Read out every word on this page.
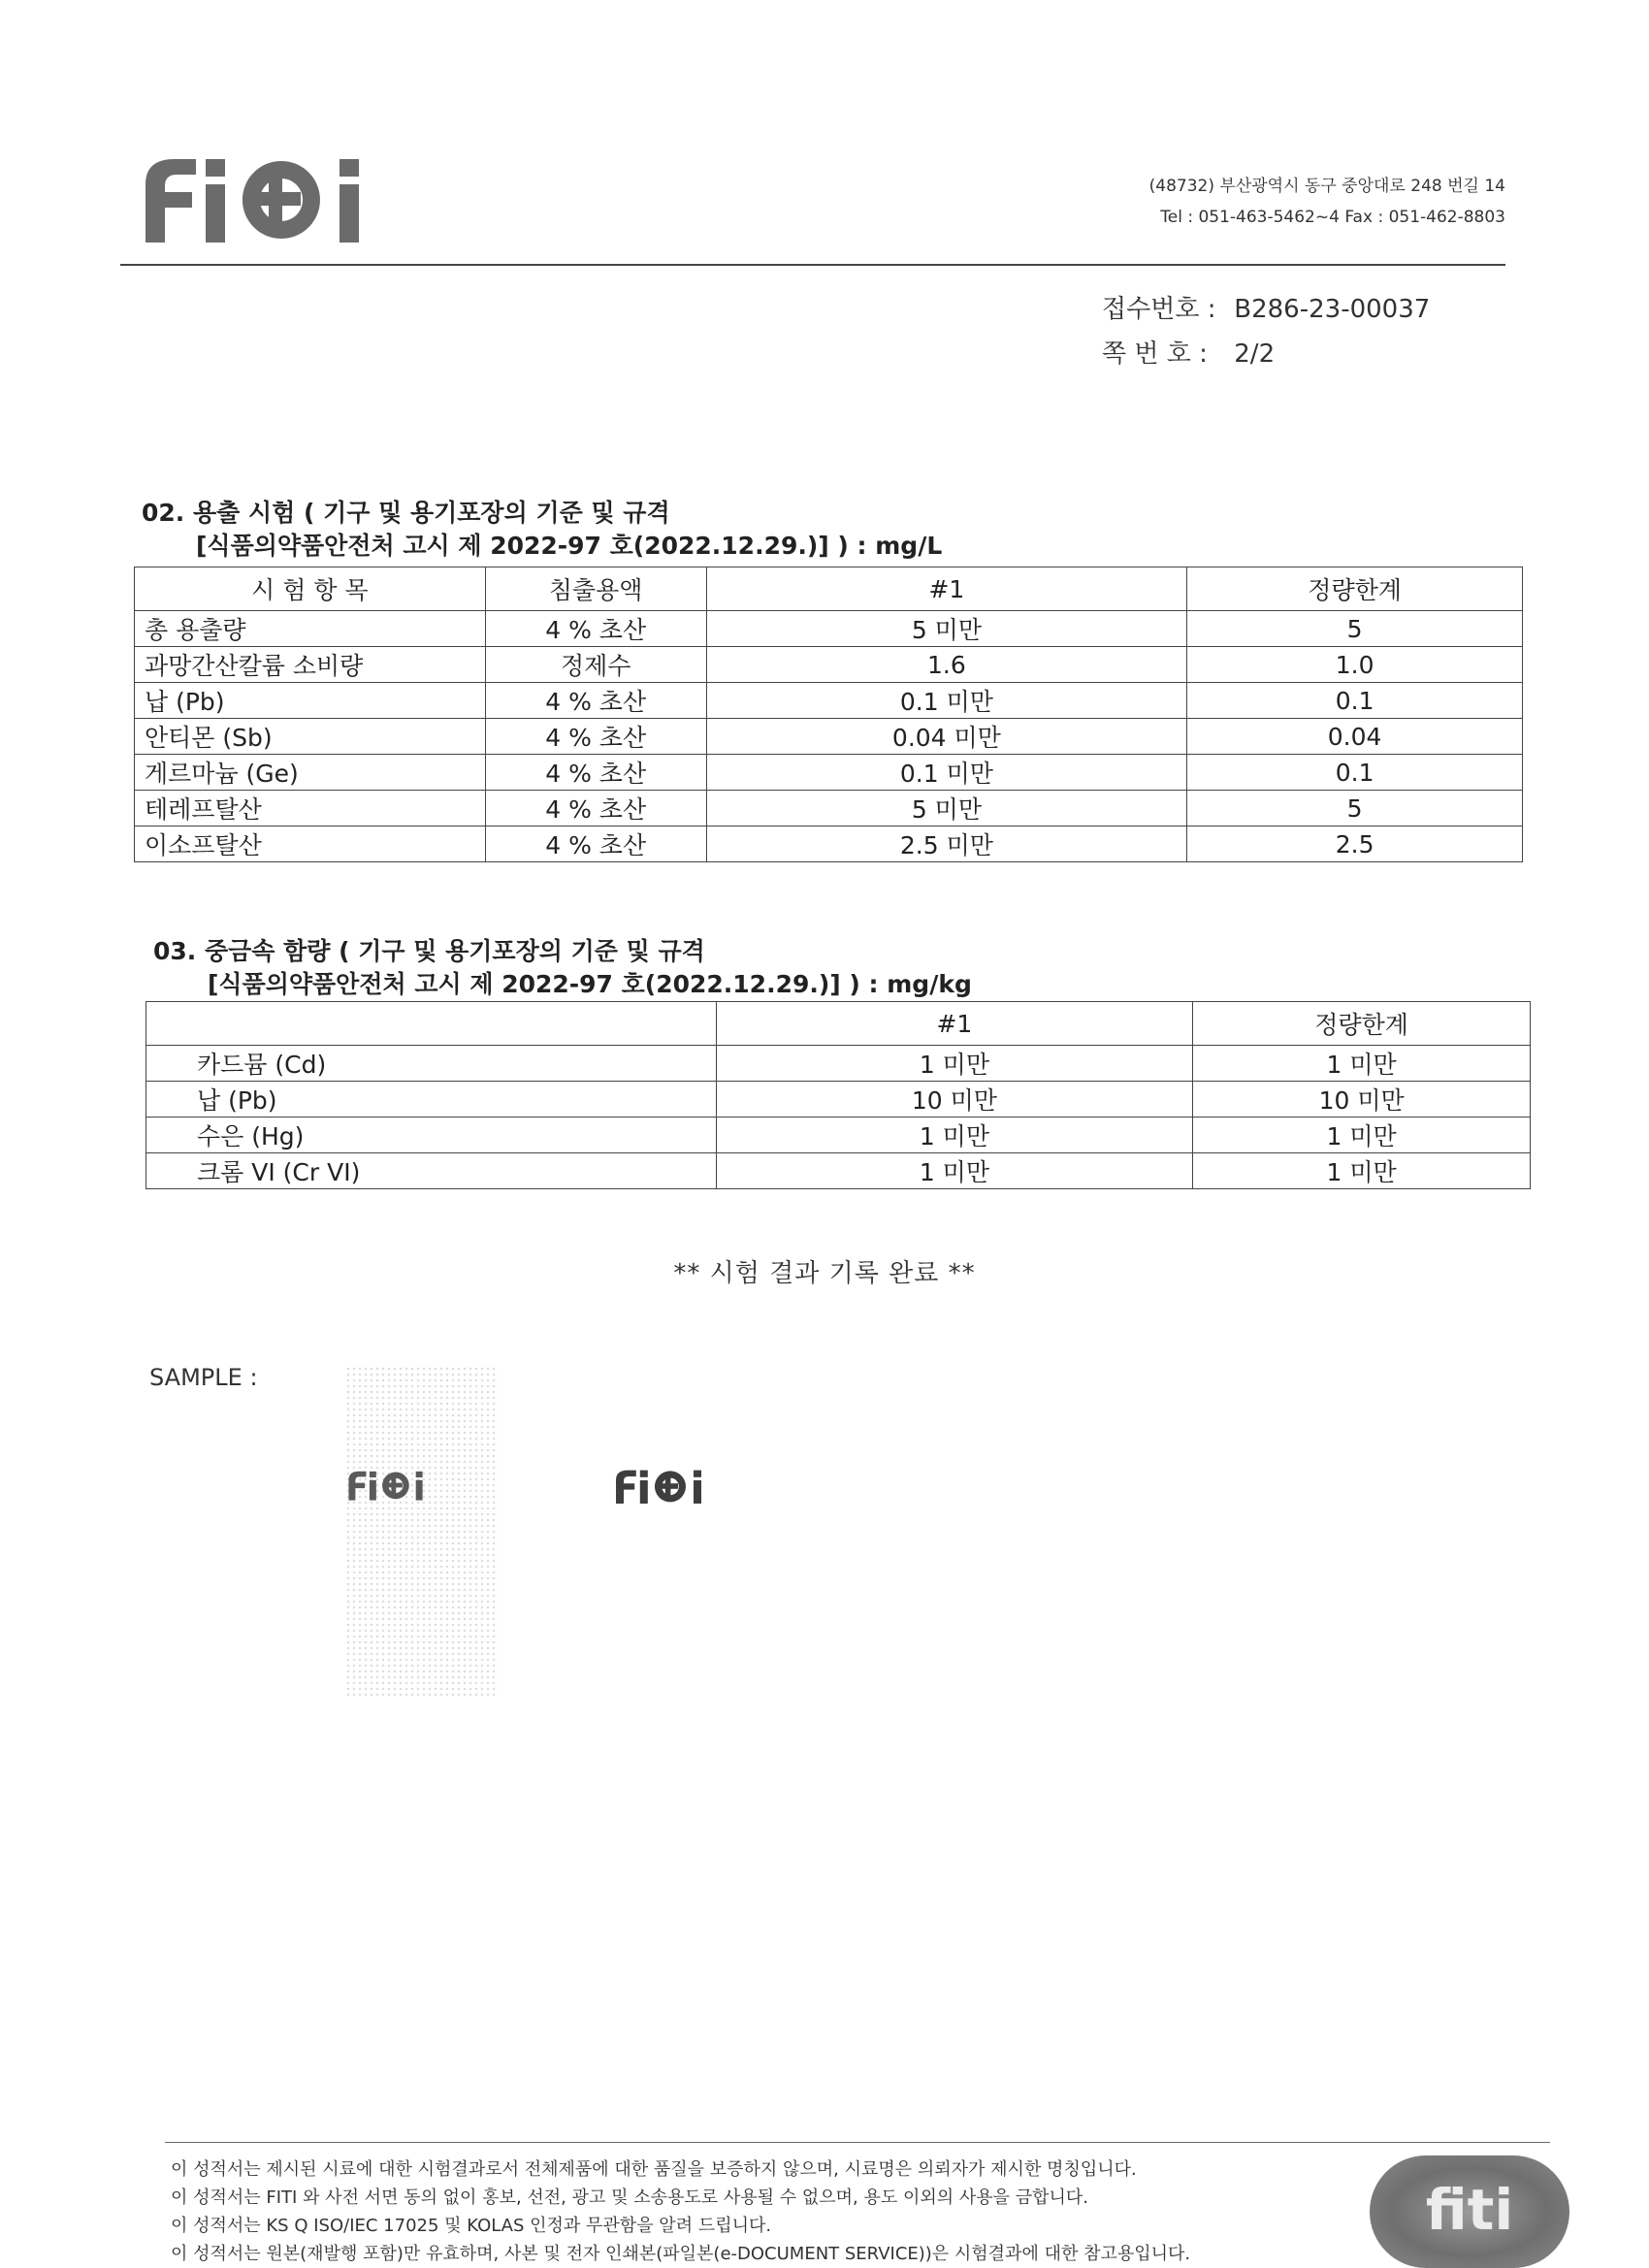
(48732) 부산광역시 동구 중앙대로 248 번길 14
Tel : 051-463-5462~4 Fax : 051-462-8803
접수번호 : B286-23-00037
쪽 번 호 : 2/2
02. 용출 시험 ( 기구 및 용기포장의 기준 및 규격
[식품의약품안전처 고시 제 2022-97 호(2022.12.29.)] ) : mg/L
시 험 항 목	침출용액	#1	정량한계
총 용출량	4 % 초산	5 미만	5
과망간산칼륨 소비량	정제수	1.6	1.0
납 (Pb)	4 % 초산	0.1 미만	0.1
안티몬 (Sb)	4 % 초산	0.04 미만	0.04
게르마늄 (Ge)	4 % 초산	0.1 미만	0.1
테레프탈산	4 % 초산	5 미만	5
이소프탈산	4 % 초산	2.5 미만	2.5
03. 중금속 함량 ( 기구 및 용기포장의 기준 및 규격
[식품의약품안전처 고시 제 2022-97 호(2022.12.29.)] ) : mg/kg
	#1	정량한계
카드뮴 (Cd)	1 미만	1 미만
납 (Pb)	10 미만	10 미만
수은 (Hg)	1 미만	1 미만
크롬 VI (Cr VI)	1 미만	1 미만
** 시험 결과 기록 완료 **
SAMPLE :
이 성적서는 제시된 시료에 대한 시험결과로서 전체제품에 대한 품질을 보증하지 않으며, 시료명은 의뢰자가 제시한 명칭입니다.
이 성적서는 FITI 와 사전 서면 동의 없이 홍보, 선전, 광고 및 소송용도로 사용될 수 없으며, 용도 이외의 사용을 금합니다.
이 성적서는 KS Q ISO/IEC 17025 및 KOLAS 인정과 무관함을 알려 드립니다.
이 성적서는 원본(재발행 포함)만 유효하며, 사본 및 전자 인쇄본(파일본(e-DOCUMENT SERVICE))은 시험결과에 대한 참고용입니다.
fiti
